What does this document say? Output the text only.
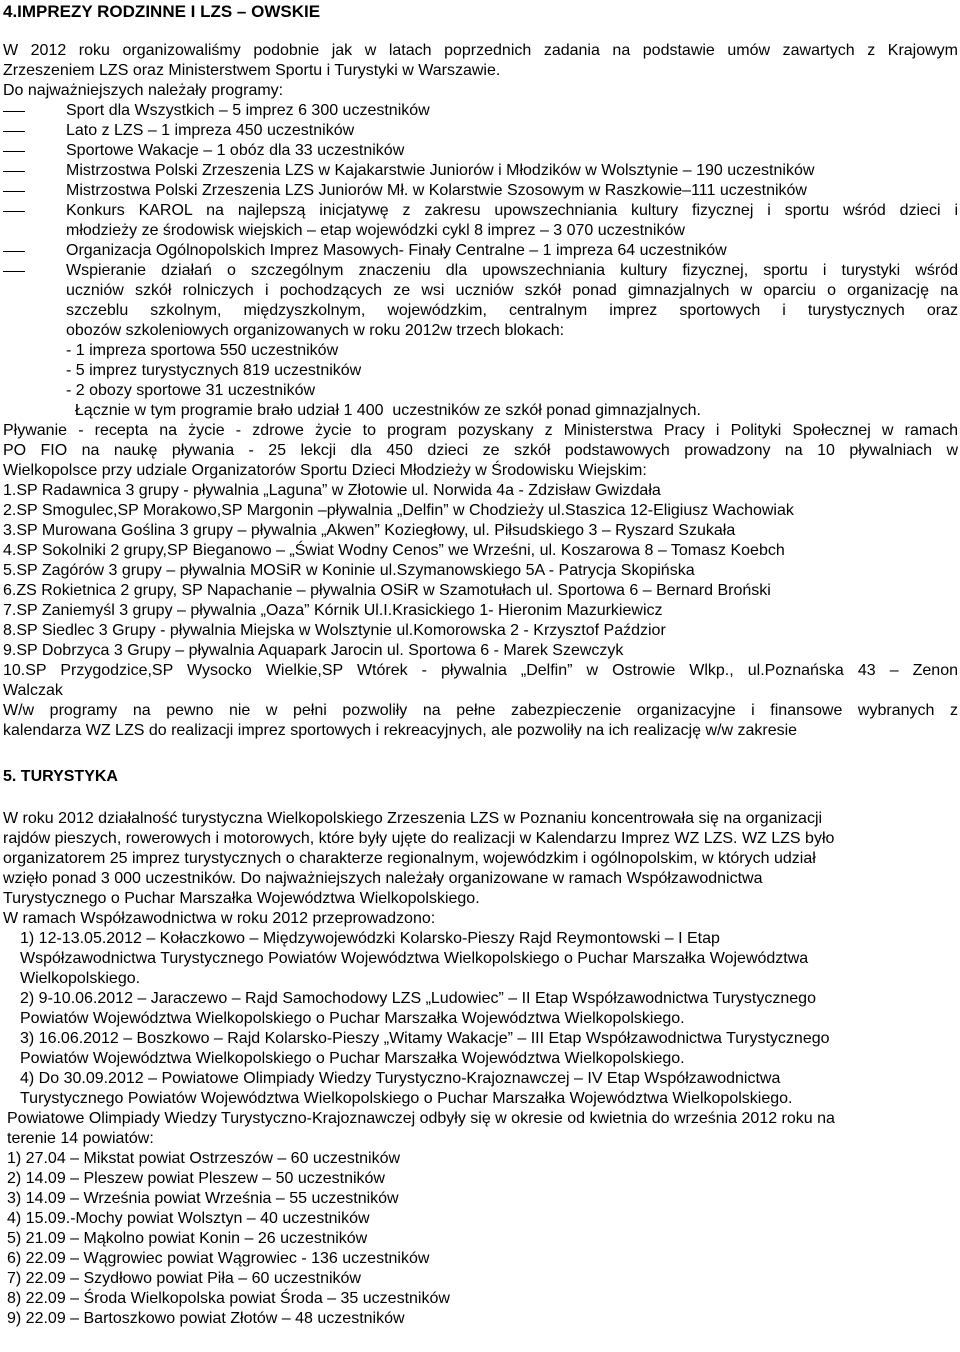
4.IMPREZY RODZINNE I LZS – OWSKIE

W 2012 roku organizowaliśmy podobnie jak w latach poprzednich zadania na podstawie umów zawartych z Krajowym

Zrzeszeniem LZS oraz Ministerstwem Sportu i Turystyki w Warszawie.

Do najważniejszych należały programy:

Sport dla Wszystkich – 5 imprez 6 300 uczestników

Lato z LZS – 1 impreza 450 uczestników

Sportowe Wakacje – 1 obóz dla 33 uczestników

Mistrzostwa Polski Zrzeszenia LZS w Kajakarstwie Juniorów i Młodzików w Wolsztynie – 190 uczestników

Mistrzostwa Polski Zrzeszenia LZS Juniorów Mł. w Kolarstwie Szosowym w Raszkowie–111 uczestników

Konkurs KAROL na najlepszą inicjatywę z zakresu upowszechniania kultury fizycznej i sportu wśród dzieci i

młodzieży ze środowisk wiejskich – etap wojewódzki cykl 8 imprez – 3 070 uczestników

Organizacja Ogólnopolskich Imprez Masowych- Finały Centralne – 1 impreza 64 uczestników

Wspieranie działań o szczególnym znaczeniu dla upowszechniania kultury fizycznej, sportu i turystyki wśród

uczniów szkół rolniczych i pochodzących ze wsi uczniów szkół ponad gimnazjalnych w oparciu o organizację na

szczeblu szkolnym, międzyszkolnym, wojewódzkim, centralnym imprez sportowych i turystycznych oraz

obozów szkoleniowych organizowanych w roku 2012w trzech blokach:

- 1 impreza sportowa 550 uczestników

- 5 imprez turystycznych 819 uczestników

- 2 obozy sportowe 31 uczestników

Łącznie w tym programie brało udział 1 400  uczestników ze szkół ponad gimnazjalnych.

Pływanie - recepta na życie - zdrowe życie to program pozyskany z Ministerstwa Pracy i Polityki Społecznej w ramach

PO FIO na naukę pływania - 25 lekcji dla 450 dzieci ze szkół podstawowych prowadzony na 10 pływalniach w

Wielkopolsce przy udziale Organizatorów Sportu Dzieci Młodzieży w Środowisku Wiejskim:

1.SP Radawnica 3 grupy - pływalnia „Laguna” w Złotowie ul. Norwida 4a - Zdzisław Gwizdała

2.SP Smogulec,SP Morakowo,SP Margonin –pływalnia „Delfin” w Chodzieży ul.Staszica 12-Eligiusz Wachowiak

3.SP Murowana Goślina 3 grupy – pływalnia „Akwen” Koziegłowy, ul. Piłsudskiego 3 – Ryszard Szukała

4.SP Sokolniki 2 grupy,SP Bieganowo – „Świat Wodny Cenos” we Wrześni, ul. Koszarowa 8 – Tomasz Koebch

5.SP Zagórów 3 grupy – pływalnia MOSiR w Koninie ul.Szymanowskiego 5A - Patrycja Skopińska

6.ZS Rokietnica 2 grupy, SP Napachanie – pływalnia OSiR w Szamotułach ul. Sportowa 6 – Bernard Broński

7.SP Zaniemyśl 3 grupy – pływalnia „Oaza” Kórnik Ul.I.Krasickiego 1- Hieronim Mazurkiewicz

8.SP Siedlec 3 Grupy - pływalnia Miejska w Wolsztynie ul.Komorowska 2 - Krzysztof Paździor

9.SP Dobrzyca 3 Grupy – pływalnia Aquapark Jarocin ul. Sportowa 6 - Marek Szewczyk

10.SP Przygodzice,SP Wysocko Wielkie,SP Wtórek - pływalnia „Delfin” w Ostrowie Wlkp., ul.Poznańska 43 – Zenon

Walczak

W/w programy na pewno nie w pełni pozwoliły na pełne zabezpieczenie organizacyjne i finansowe wybranych z

kalendarza WZ LZS do realizacji imprez sportowych i rekreacyjnych, ale pozwoliły na ich realizację w/w zakresie

5. TURYSTYKA

W roku 2012 działalność turystyczna Wielkopolskiego Zrzeszenia LZS w Poznaniu koncentrowała się na organizacji

rajdów pieszych, rowerowych i motorowych, które były ujęte do realizacji w Kalendarzu Imprez WZ LZS. WZ LZS było

organizatorem 25 imprez turystycznych o charakterze regionalnym, wojewódzkim i ogólnopolskim, w których udział

wzięło ponad 3 000 uczestników. Do najważniejszych należały organizowane w ramach Współzawodnictwa

Turystycznego o Puchar Marszałka Województwa Wielkopolskiego.

W ramach Współzawodnictwa w roku 2012 przeprowadzono:

1) 12-13.05.2012 – Kołaczkowo – Międzywojewódzki Kolarsko-Pieszy Rajd Reymontowski – I Etap

Współzawodnictwa Turystycznego Powiatów Województwa Wielkopolskiego o Puchar Marszałka Województwa

Wielkopolskiego.

2) 9-10.06.2012 – Jaraczewo – Rajd Samochodowy LZS „Ludowiec” – II Etap Współzawodnictwa Turystycznego

Powiatów Województwa Wielkopolskiego o Puchar Marszałka Województwa Wielkopolskiego.

3) 16.06.2012 – Boszkowo – Rajd Kolarsko-Pieszy „Witamy Wakacje” – III Etap Współzawodnictwa Turystycznego

Powiatów Województwa Wielkopolskiego o Puchar Marszałka Województwa Wielkopolskiego.

4) Do 30.09.2012 – Powiatowe Olimpiady Wiedzy Turystyczno-Krajoznawczej – IV Etap Współzawodnictwa

Turystycznego Powiatów Województwa Wielkopolskiego o Puchar Marszałka Województwa Wielkopolskiego.

Powiatowe Olimpiady Wiedzy Turystyczno-Krajoznawczej odbyły się w okresie od kwietnia do września 2012 roku na

terenie 14 powiatów:

1) 27.04 – Mikstat powiat Ostrzeszów – 60 uczestników

2) 14.09 – Pleszew powiat Pleszew – 50 uczestników

3) 14.09 – Września powiat Września – 55 uczestników

4) 15.09.-Mochy powiat Wolsztyn – 40 uczestników

5) 21.09 – Mąkolno powiat Konin – 26 uczestników

6) 22.09 – Wągrowiec powiat Wągrowiec - 136 uczestników

7) 22.09 – Szydłowo powiat Piła – 60 uczestników

8) 22.09 – Środa Wielkopolska powiat Środa – 35 uczestników

9) 22.09 – Bartoszkowo powiat Złotów – 48 uczestników
